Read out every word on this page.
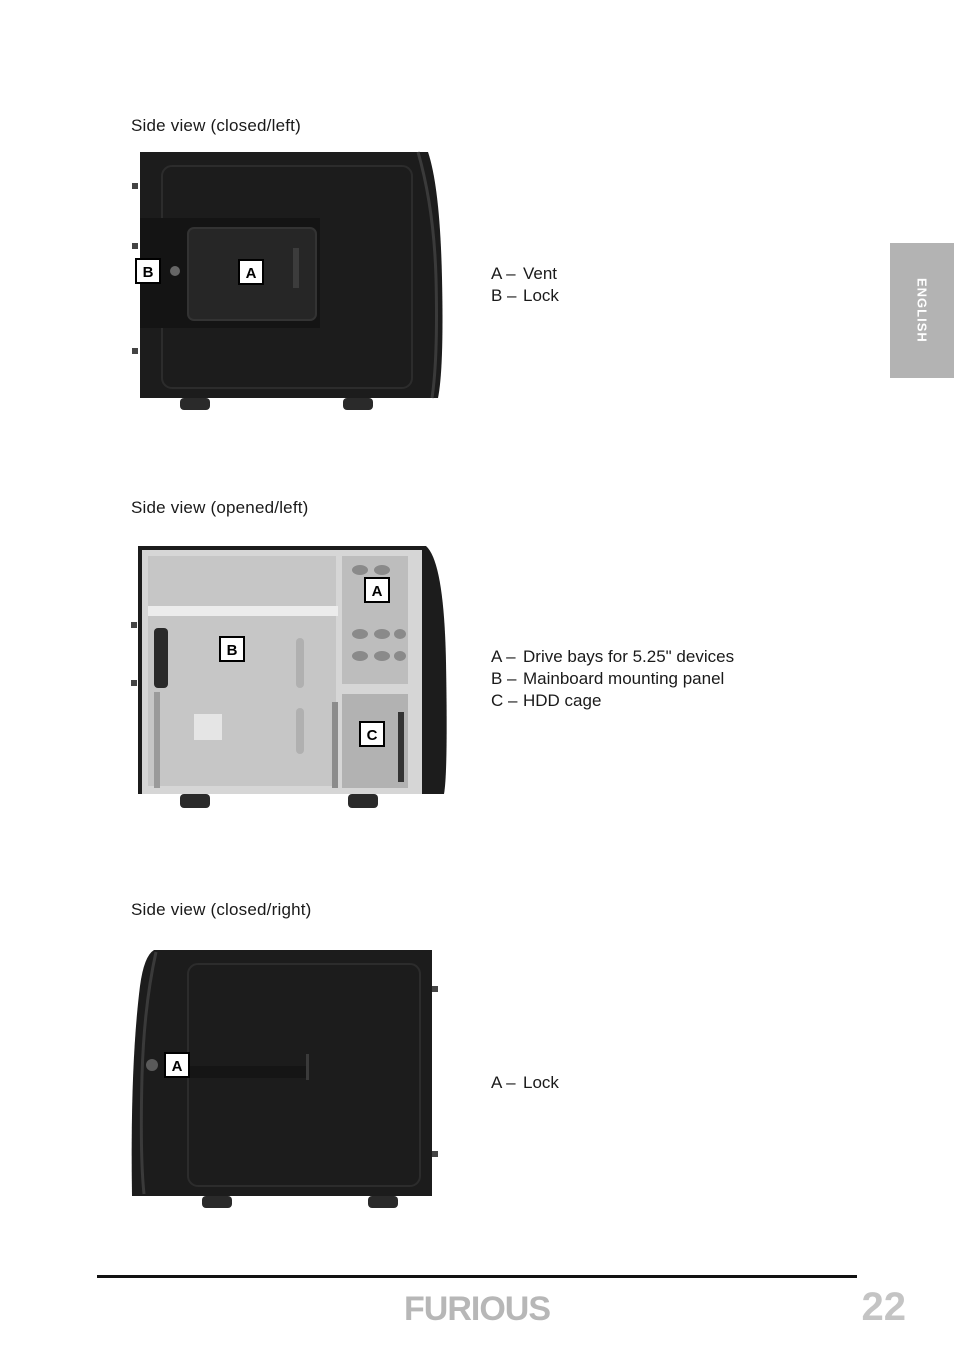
Side view (closed/left)
B	A	A – Vent
B – Lock
Side view (opened/left)
A
B
C
A – Drive bays for 5.25" devices
B – Mainboard mounting panel
C – HDD cage
Side view (closed/right)
A
A – Lock
ENGLISH
FURIOUS	22
